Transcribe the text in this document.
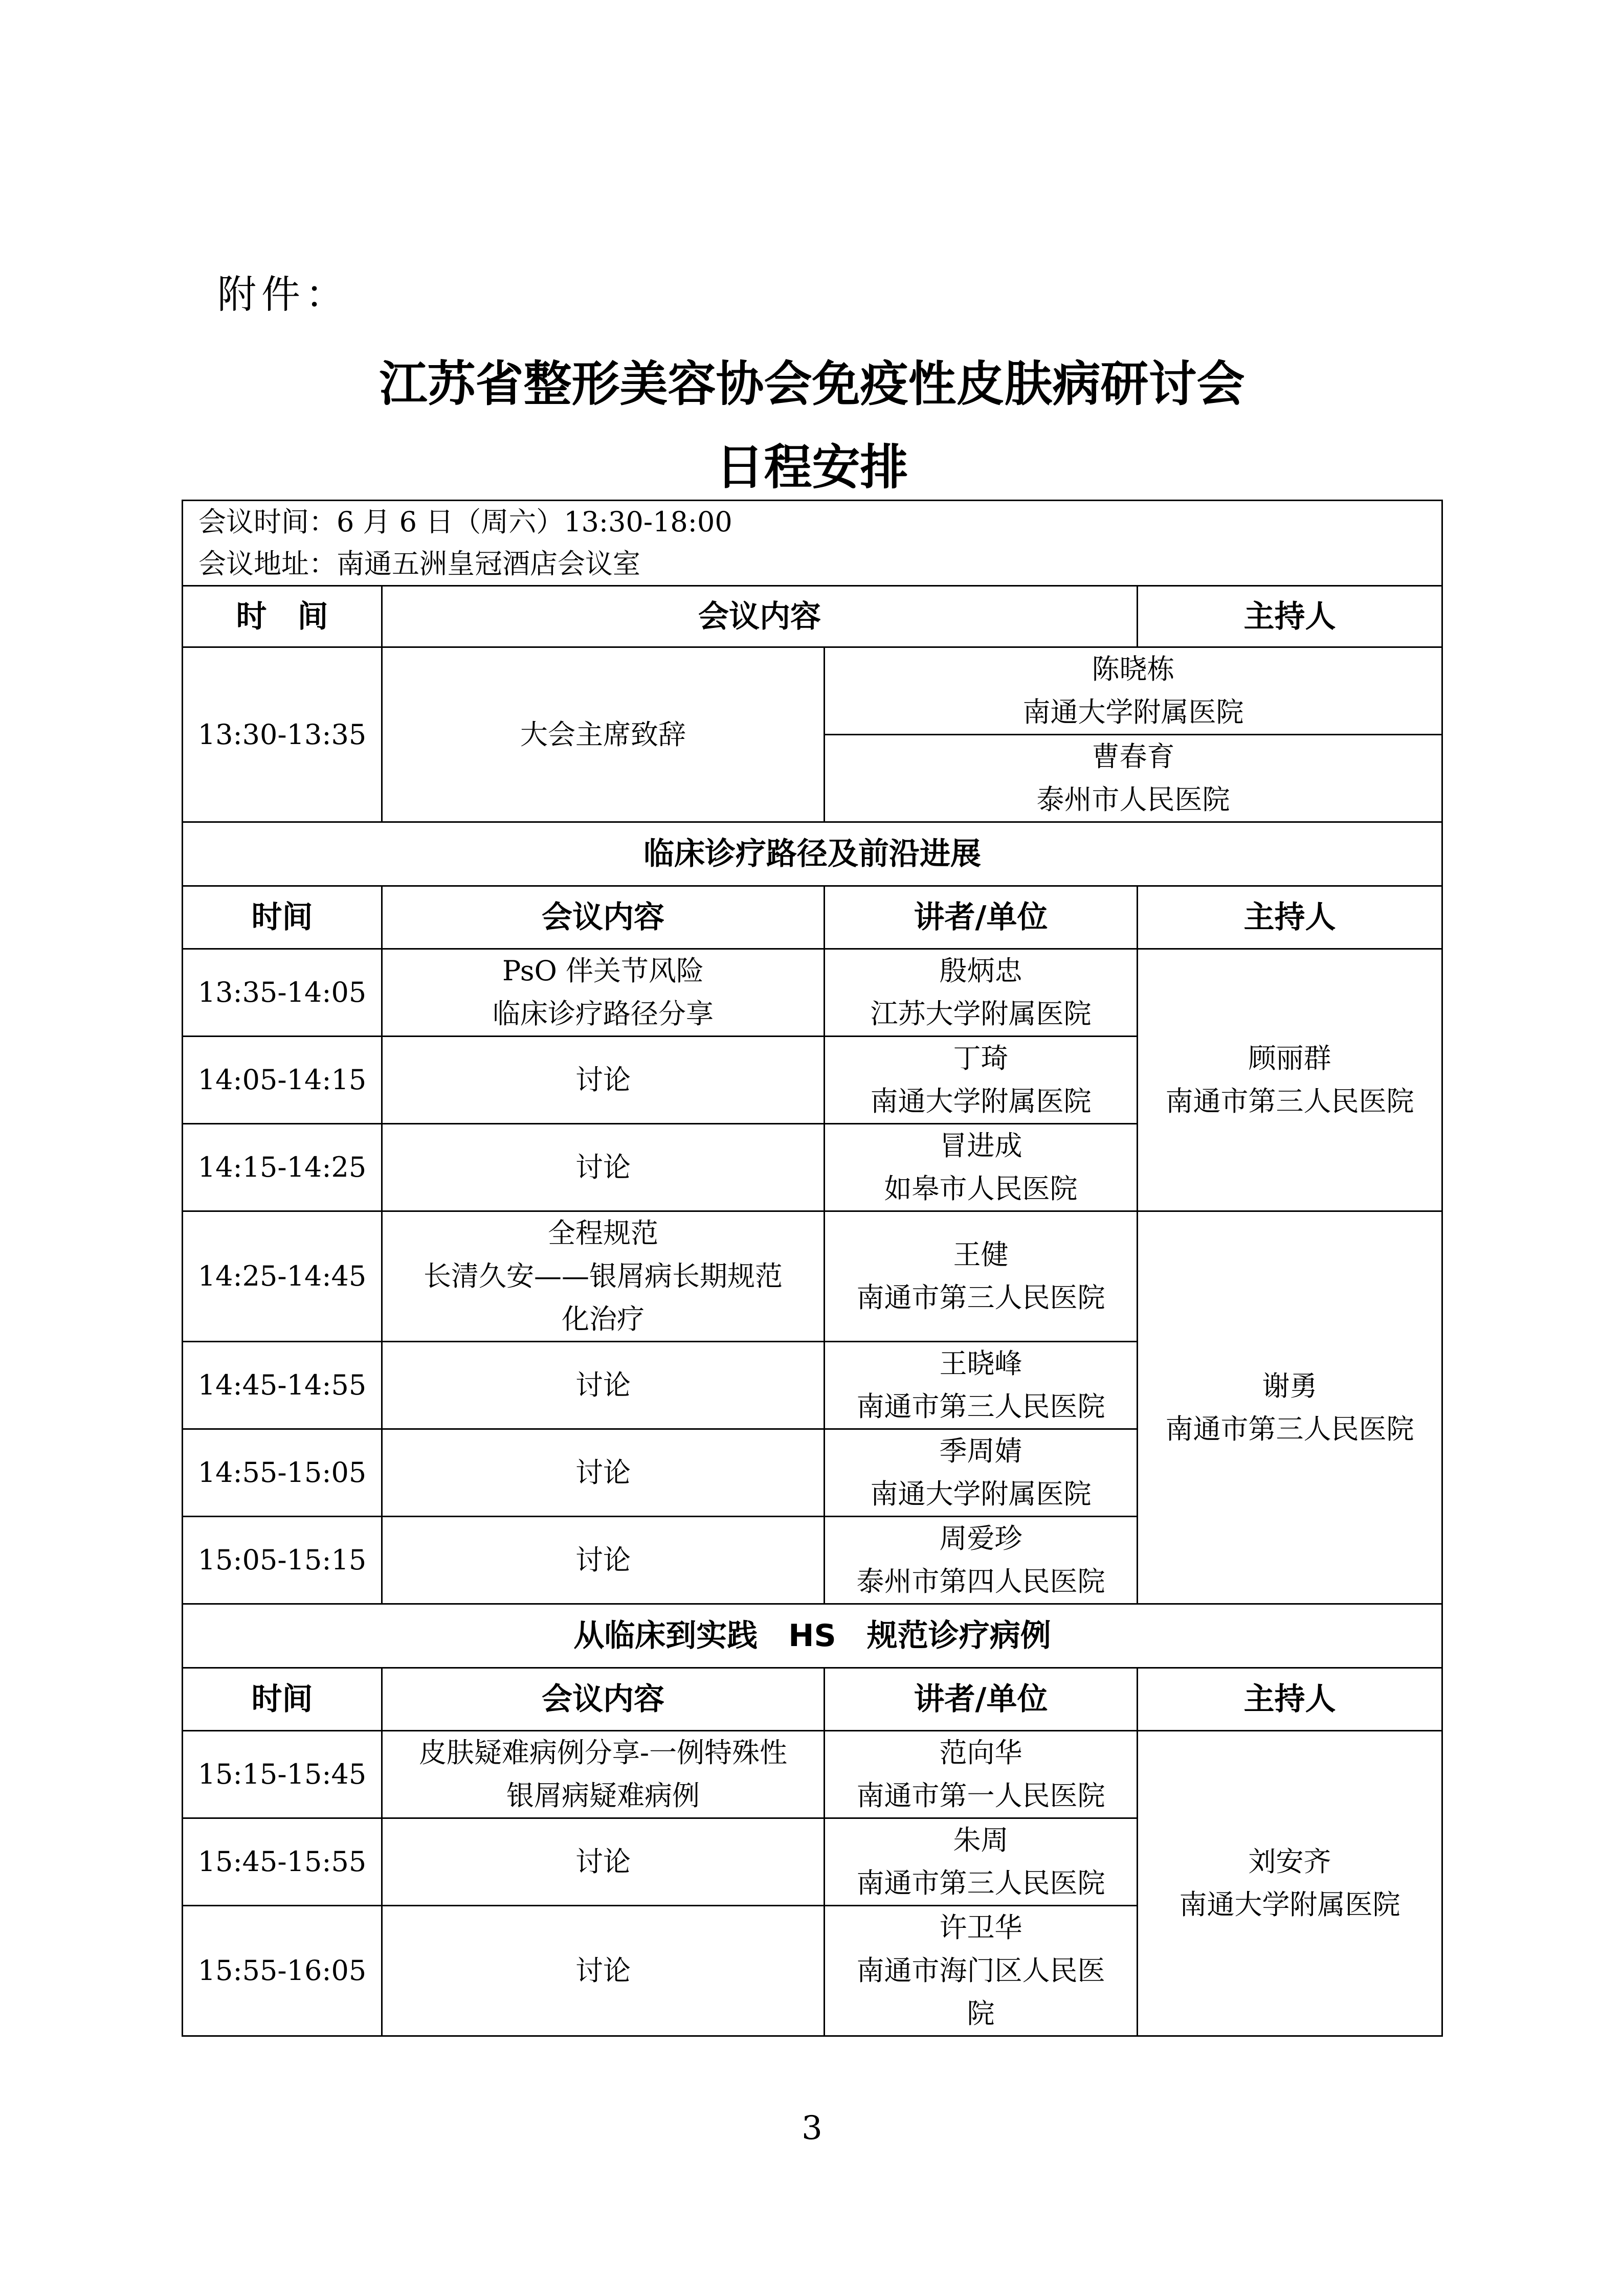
附件：
江苏省整形美容协会免疫性皮肤病研讨会
日程安排
会议时间：6 月 6 日（周六）13:30-18:00
会议地址：南通五洲皇冠酒店会议室			

时　间	会议内容		主持人
13:30-13:35	大会主席致辞	陈晓栋
南通大学附属医院	

		曹春育
泰州市人民医院	

临床诊疗路径及前沿进展			
时间	会议内容	讲者/单位	主持人
13:35-14:05	PsO 伴关节风险
临床诊疗路径分享	殷炳忠
江苏大学附属医院	顾丽群
南通市第三人民医院

14:05-14:15	讨论	丁琦
南通大学附属医院	

14:15-14:25	讨论	冒进成
如皋市人民医院	

14:25-14:45	全程规范
长清久安——银屑病长期规范
化治疗	王健
南通市第三人民医院	谢勇
南通市第三人民医院

14:45-14:55	讨论	王晓峰
南通市第三人民医院	

14:55-15:05	讨论	季周婧
南通大学附属医院	

15:05-15:15	讨论	周爱珍
泰州市第四人民医院	

从临床到实践　HS　规范诊疗病例			
时间	会议内容	讲者/单位	主持人
15:15-15:45	皮肤疑难病例分享-一例特殊性
银屑病疑难病例	范向华
南通市第一人民医院	刘安齐
南通大学附属医院

15:45-15:55	讨论	朱周
南通市第三人民医院	

15:55-16:05	讨论	许卫华
南通市海门区人民医
院	
3
